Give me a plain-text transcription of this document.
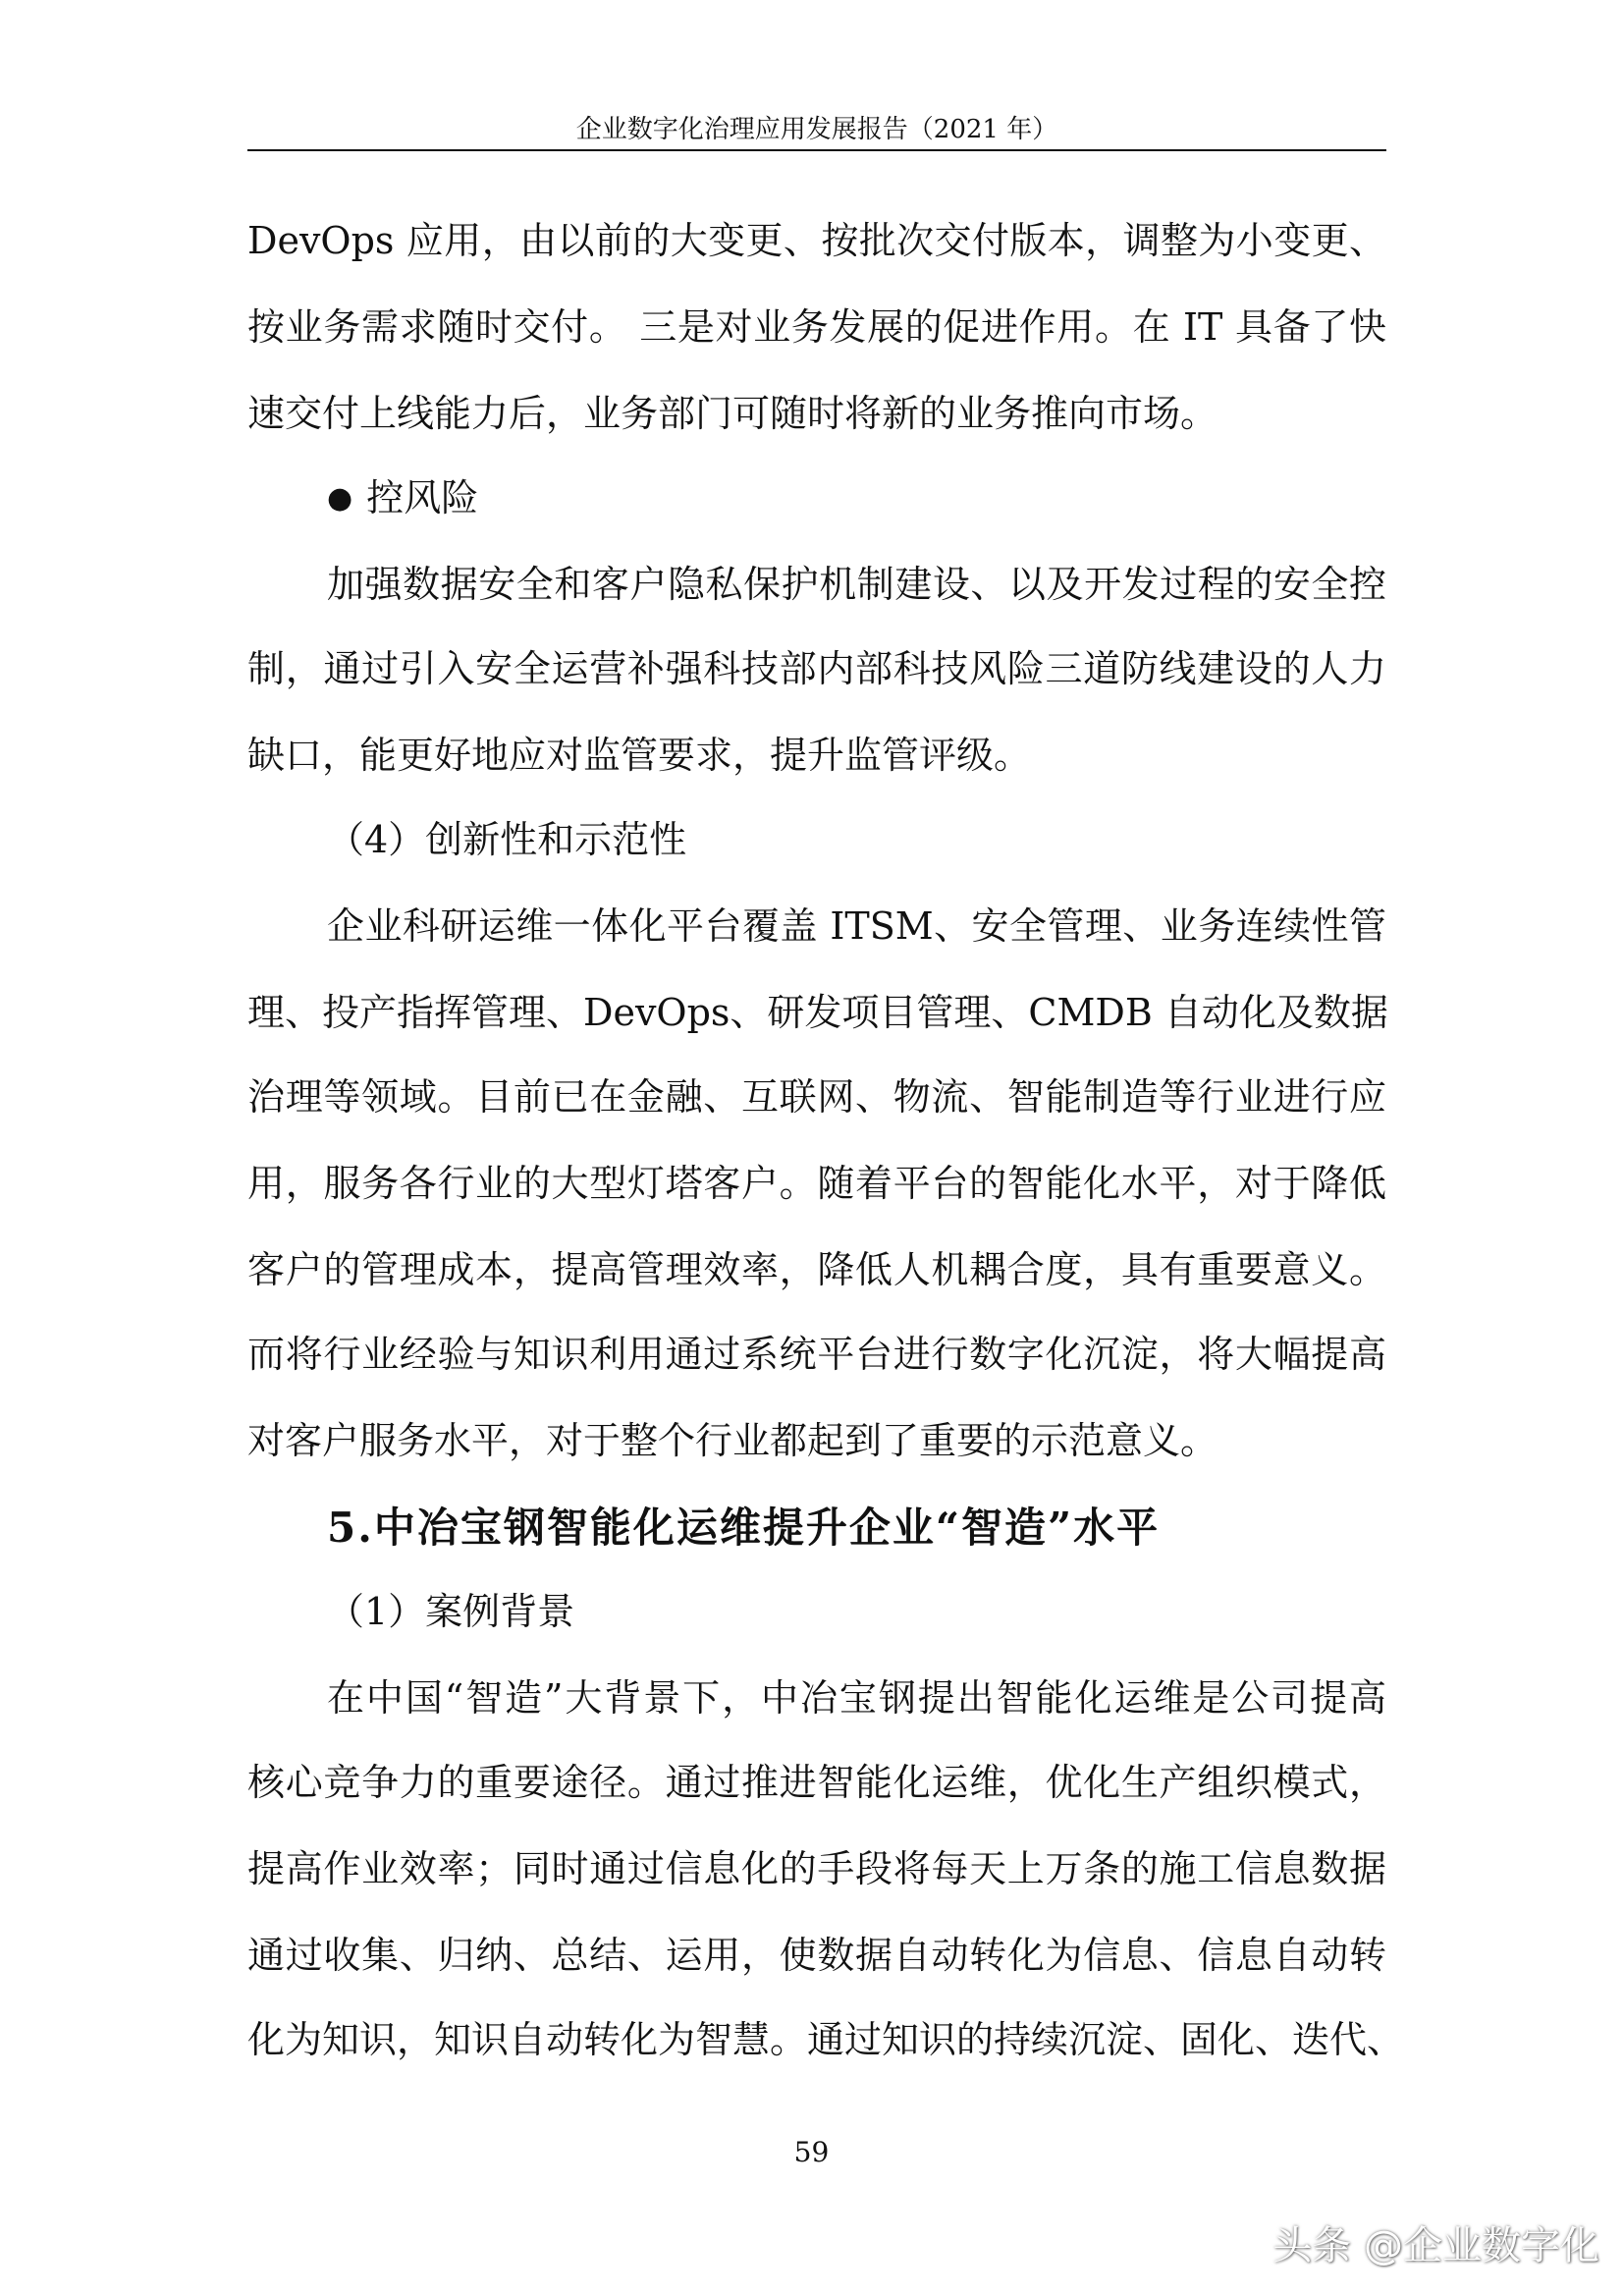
企业数字化治理应用发展报告（2021 年）
DevOps 应用，由以前的大变更、按批次交付版本，调整为小变更、
按业务需求随时交付。 三是对业务发展的促进作用。在 IT 具备了快
速交付上线能力后，业务部门可随时将新的业务推向市场。
● 控风险
加强数据安全和客户隐私保护机制建设、以及开发过程的安全控
制，通过引入安全运营补强科技部内部科技风险三道防线建设的人力
缺口，能更好地应对监管要求，提升监管评级。
（4）创新性和示范性
企业科研运维一体化平台覆盖 ITSM、安全管理、业务连续性管
理、投产指挥管理、DevOps、研发项目管理、CMDB 自动化及数据
治理等领域。目前已在金融、互联网、物流、智能制造等行业进行应
用，服务各行业的大型灯塔客户。随着平台的智能化水平，对于降低
客户的管理成本，提高管理效率，降低人机耦合度，具有重要意义。
而将行业经验与知识利用通过系统平台进行数字化沉淀，将大幅提高
对客户服务水平，对于整个行业都起到了重要的示范意义。
5.中冶宝钢智能化运维提升企业“智造”水平
（1）案例背景
在中国“智造”大背景下，中冶宝钢提出智能化运维是公司提高
核心竞争力的重要途径。通过推进智能化运维，优化生产组织模式，
提高作业效率；同时通过信息化的手段将每天上万条的施工信息数据
通过收集、归纳、总结、运用，使数据自动转化为信息、信息自动转
化为知识，知识自动转化为智慧。通过知识的持续沉淀、固化、迭代、
59
头条 @企业数字化
